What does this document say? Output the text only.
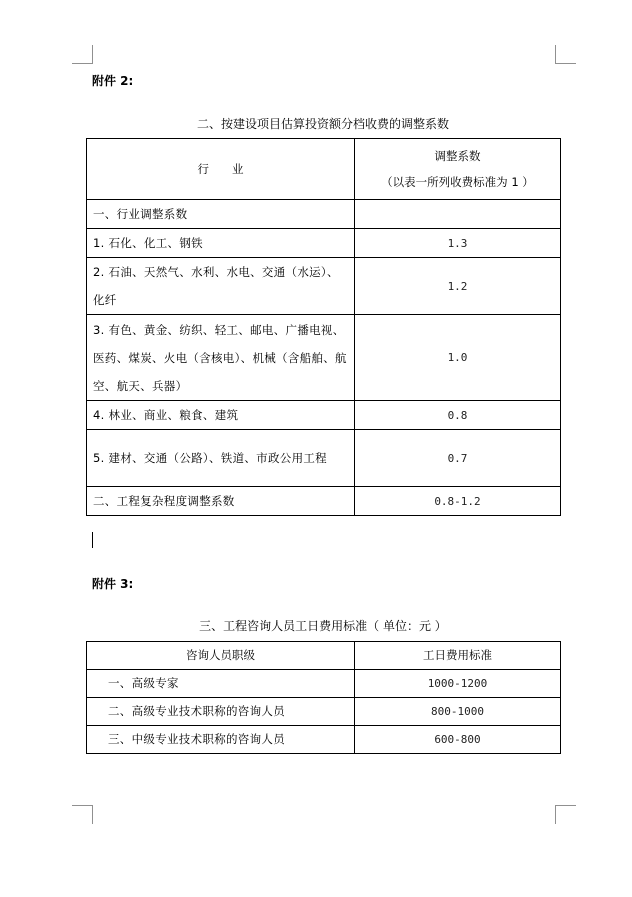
附件 2:
二、按建设项目估算投资额分档收费的调整系数
行　　业	调整系数
（以表一所列收费标准为 1 ）

一、行业调整系数	
1. 石化、化工、钢铁	1.3
2. 石油、天然气、水利、水电、交通（水运）、化纤	1.2
3. 有色、黄金、纺织、轻工、邮电、广播电视、医药、煤炭、火电（含核电）、机械（含船舶、航空、航天、兵器）	1.0
4. 林业、商业、粮食、建筑	0.8
5. 建材、交通（公路）、铁道、市政公用工程	0.7
二、工程复杂程度调整系数	0.8-1.2
附件 3:
三、工程咨询人员工日费用标准（ 单位：元 ）
咨询人员职级	工日费用标准
一、高级专家	1000-1200
二、高级专业技术职称的咨询人员	800-1000
三、中级专业技术职称的咨询人员	600-800
